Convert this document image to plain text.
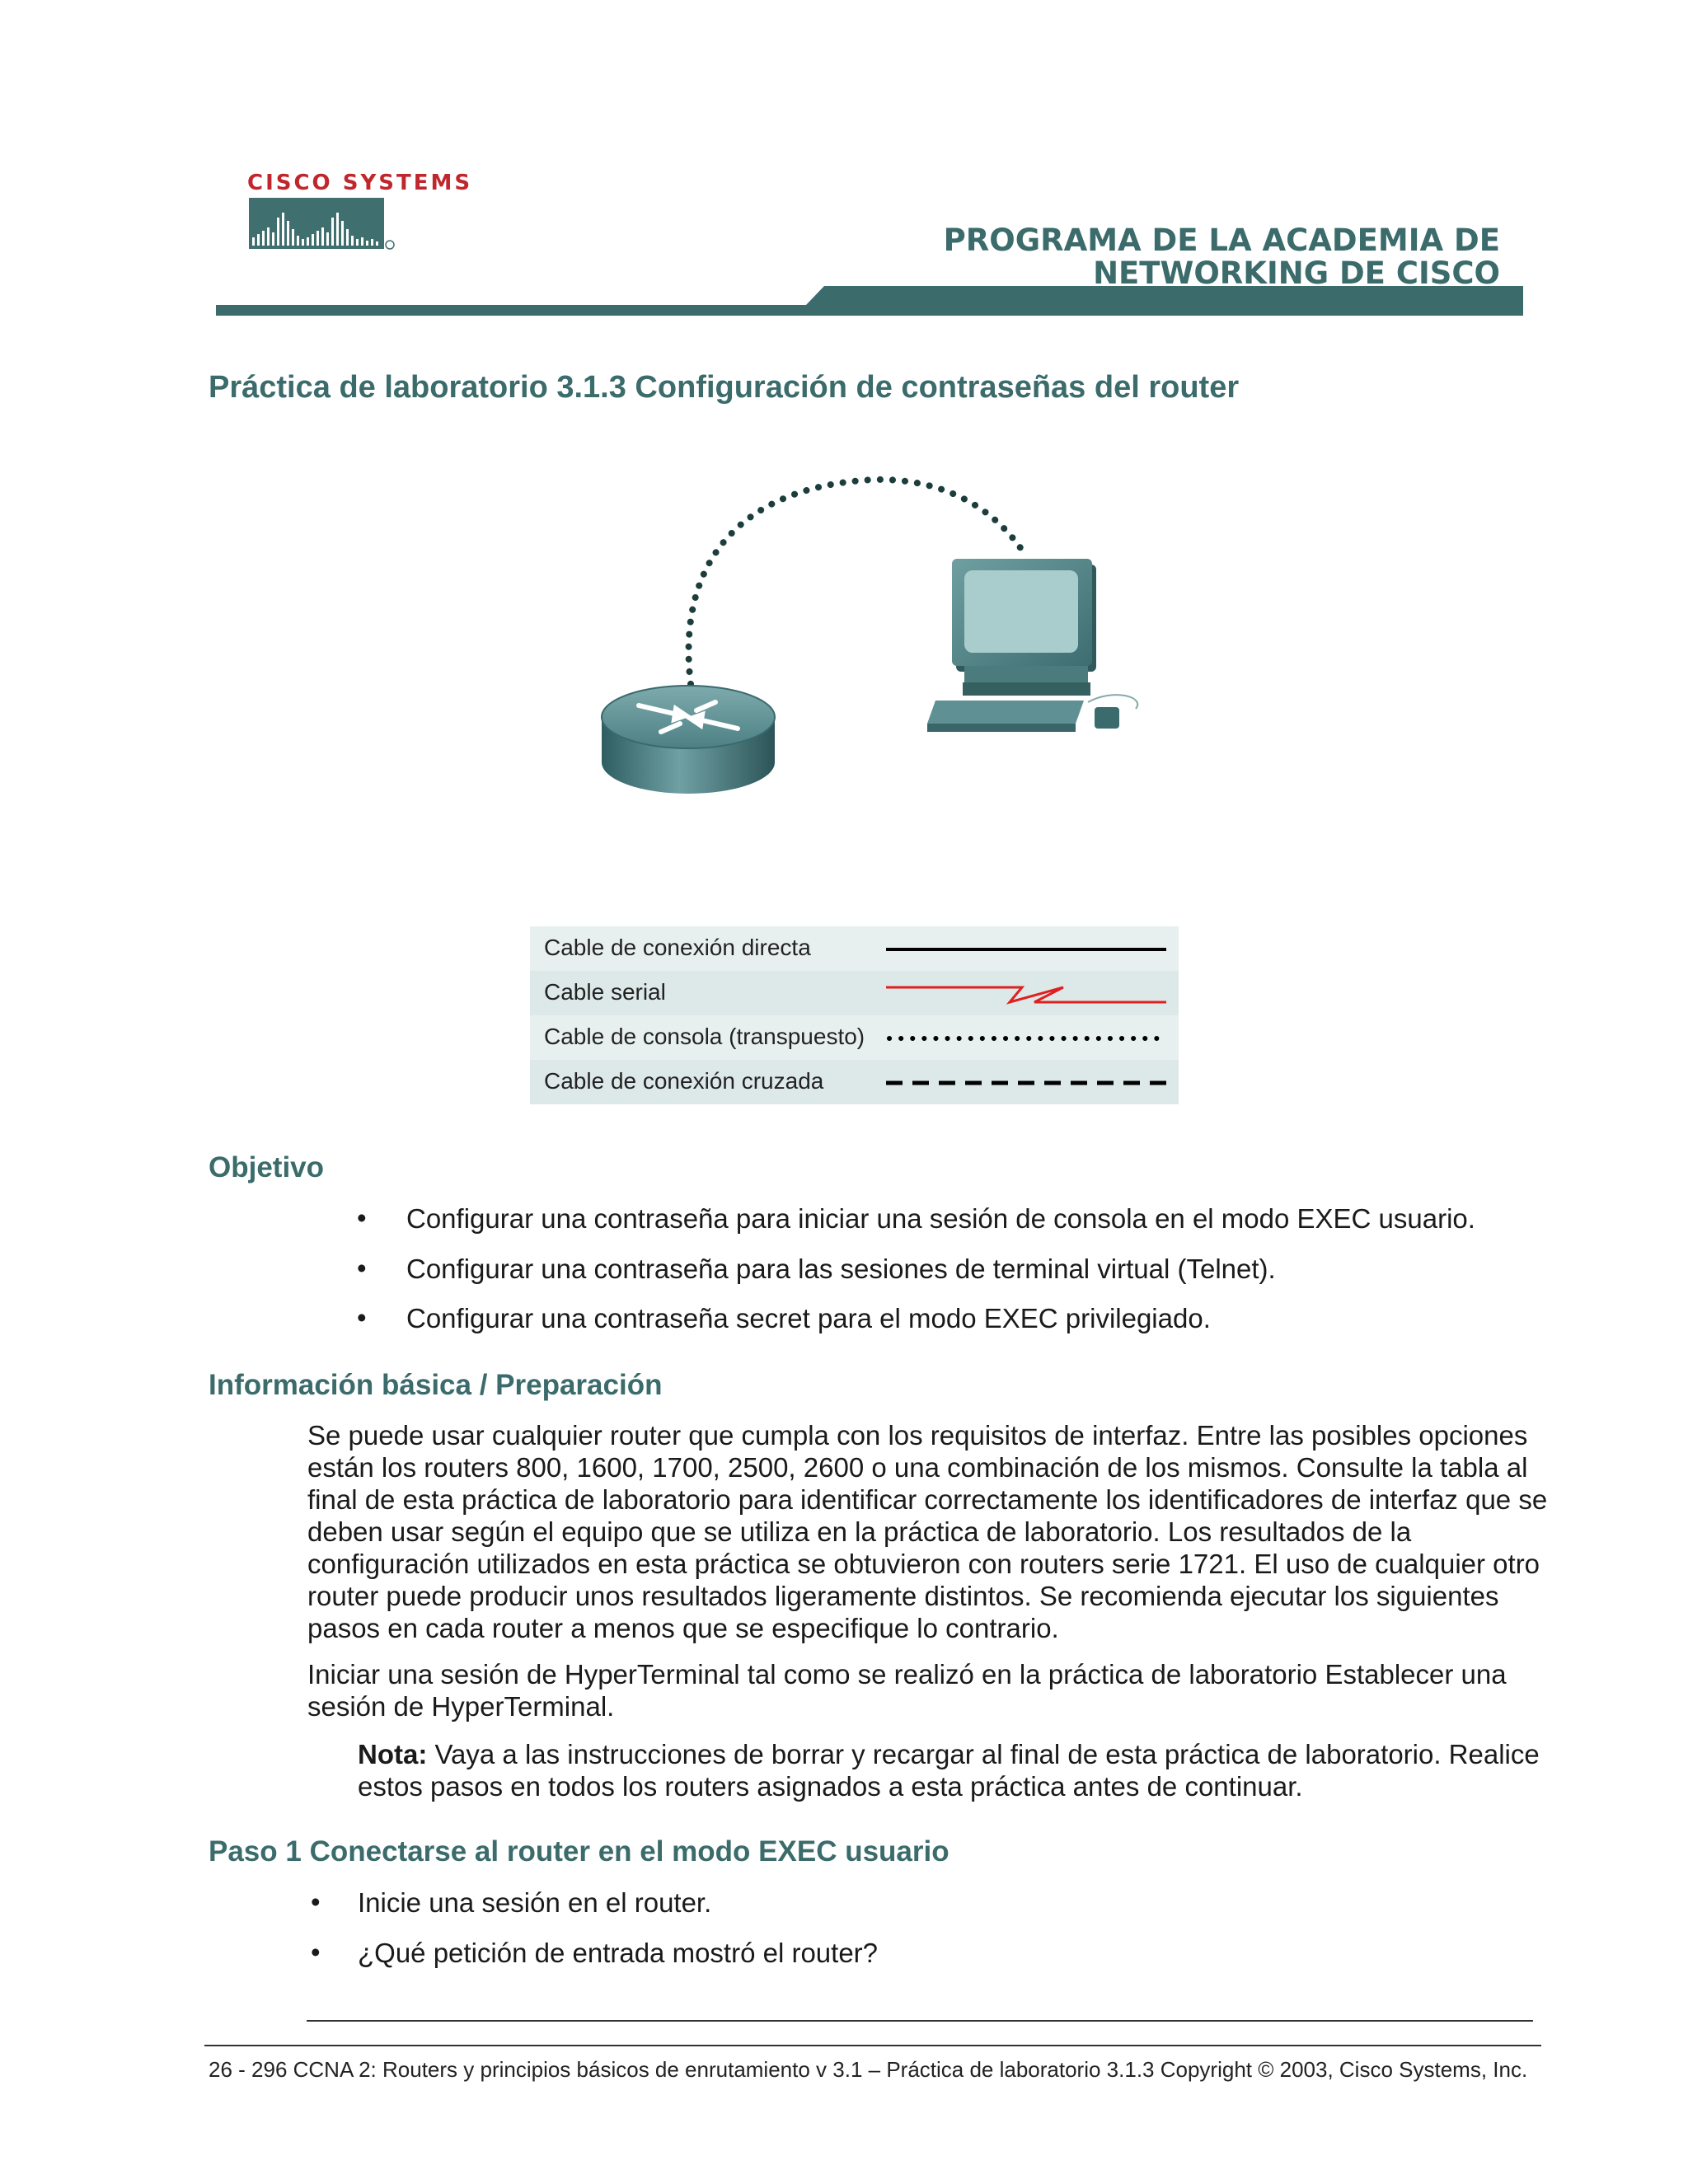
CISCO SYSTEMS
PROGRAMA DE LA ACADEMIA DE
NETWORKING DE CISCO
Práctica de laboratorio 3.1.3 Configuración de contraseñas del router
Cable de conexión directa
Cable serial
Cable de consola (transpuesto)
Cable de conexión cruzada
Objetivo
• Configurar una contraseña para iniciar una sesión de consola en el modo EXEC usuario.
• Configurar una contraseña para las sesiones de terminal virtual (Telnet).
• Configurar una contraseña secret para el modo EXEC privilegiado.
Información básica / Preparación
Se puede usar cualquier router que cumpla con los requisitos de interfaz. Entre las posibles opciones están los routers 800, 1600, 1700, 2500, 2600 o una combinación de los mismos. Consulte la tabla al final de esta práctica de laboratorio para identificar correctamente los identificadores de interfaz que se deben usar según el equipo que se utiliza en la práctica de laboratorio. Los resultados de la configuración utilizados en esta práctica se obtuvieron con routers serie 1721. El uso de cualquier otro router puede producir unos resultados ligeramente distintos. Se recomienda ejecutar los siguientes pasos en cada router a menos que se especifique lo contrario.
Iniciar una sesión de HyperTerminal tal como se realizó en la práctica de laboratorio Establecer una sesión de HyperTerminal.
Nota: Vaya a las instrucciones de borrar y recargar al final de esta práctica de laboratorio. Realice estos pasos en todos los routers asignados a esta práctica antes de continuar.
Paso 1 Conectarse al router en el modo EXEC usuario
• Inicie una sesión en el router.
• ¿Qué petición de entrada mostró el router?
26 - 296 CCNA 2: Routers y principios básicos de enrutamiento v 3.1 – Práctica de laboratorio 3.1.3 Copyright © 2003, Cisco Systems, Inc.
